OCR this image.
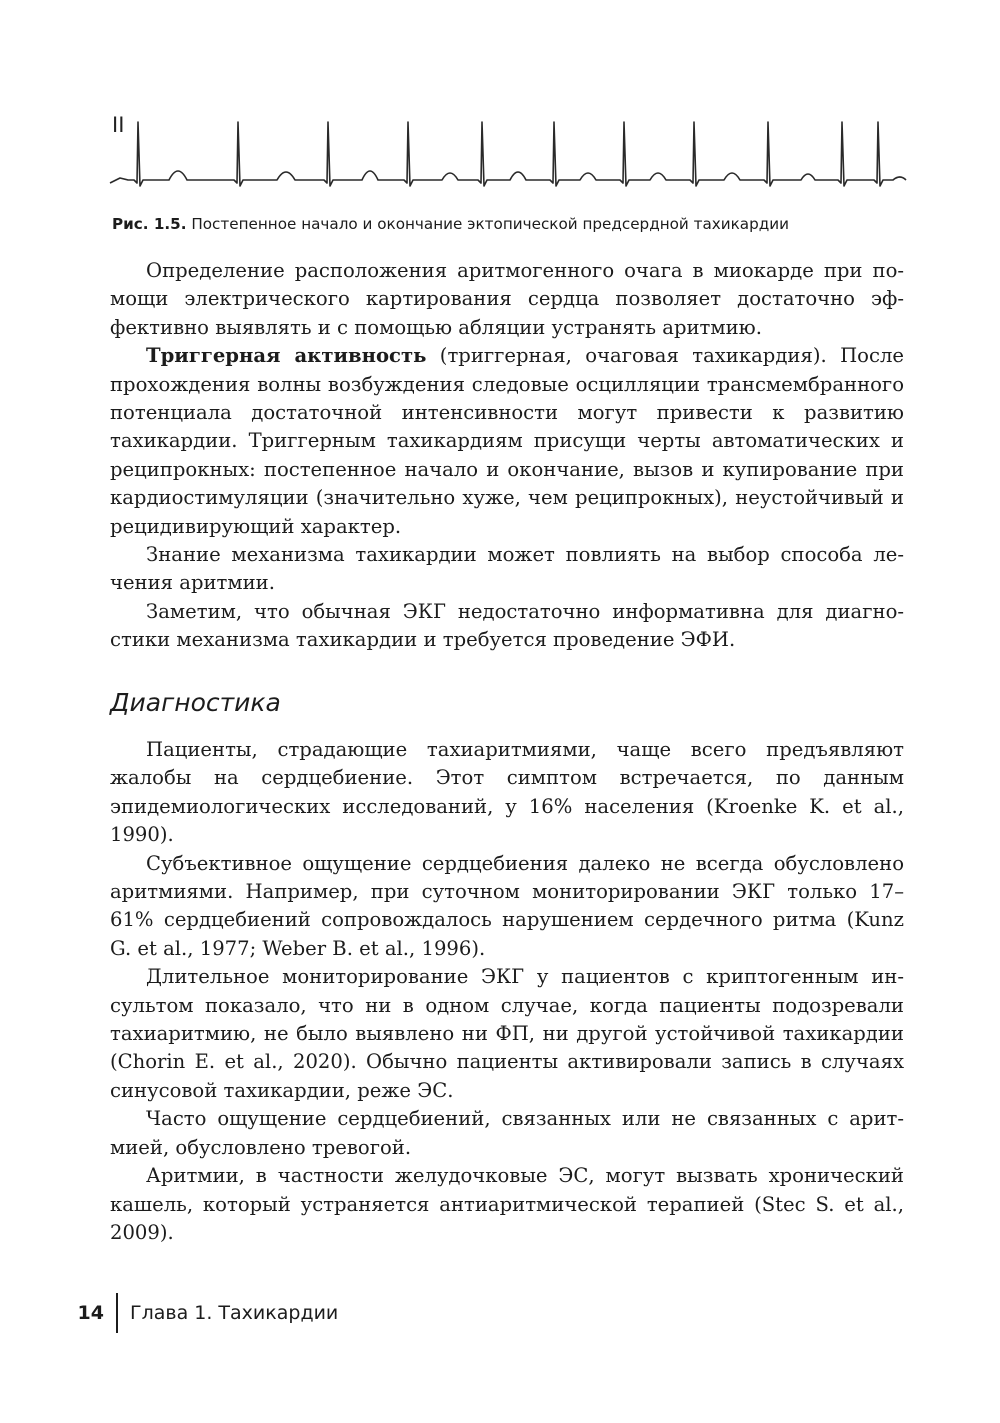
II
Рис. 1.5. Постепенное начало и окончание эктопической предсердной тахикардии

Определение расположения аритмогенного очага в миокарде при помощи электрического картирования сердца позволяет достаточно эффективно выявлять и с помощью абляции устранять аритмию.

Триггерная активность (триггерная, очаговая тахикардия). После прохождения волны возбуждения следовые осцилляции трансмембранного потенциала достаточной интенсивности могут привести к развитию тахикардии. Триггерным тахикардиям присущи черты автоматических и реципрокных: постепенное начало и окончание, вызов и купирование при кардиостимуляции (значительно хуже, чем реципрокных), неустойчивый и рецидивирующий характер.

Знание механизма тахикардии может повлиять на выбор способа лечения аритмии.

Заметим, что обычная ЭКГ недостаточно информативна для диагностики механизма тахикардии и требуется проведение ЭФИ.

Диагностика

Пациенты, страдающие тахиаритмиями, чаще всего предъявляют жалобы на сердцебиение. Этот симптом встречается, по данным эпидемиологических исследований, у 16% населения (Kroenke K. et al., 1990).

Субъективное ощущение сердцебиения далеко не всегда обусловлено аритмиями. Например, при суточном мониторировании ЭКГ только 17–61% сердцебиений сопровождалось нарушением сердечного ритма (Kunz G. et al., 1977; Weber B. et al., 1996).

Длительное мониторирование ЭКГ у пациентов с криптогенным инсультом показало, что ни в одном случае, когда пациенты подозревали тахиаритмию, не было выявлено ни ФП, ни другой устойчивой тахикардии (Chorin E. et al., 2020). Обычно пациенты активировали запись в случаях синусовой тахикардии, реже ЭС.

Часто ощущение сердцебиений, связанных или не связанных с аритмией, обусловлено тревогой.

Аритмии, в частности желудочковые ЭС, могут вызвать хронический кашель, который устраняется антиаритмической терапией (Stec S. et al., 2009).

14 Глава 1. Тахикардии
